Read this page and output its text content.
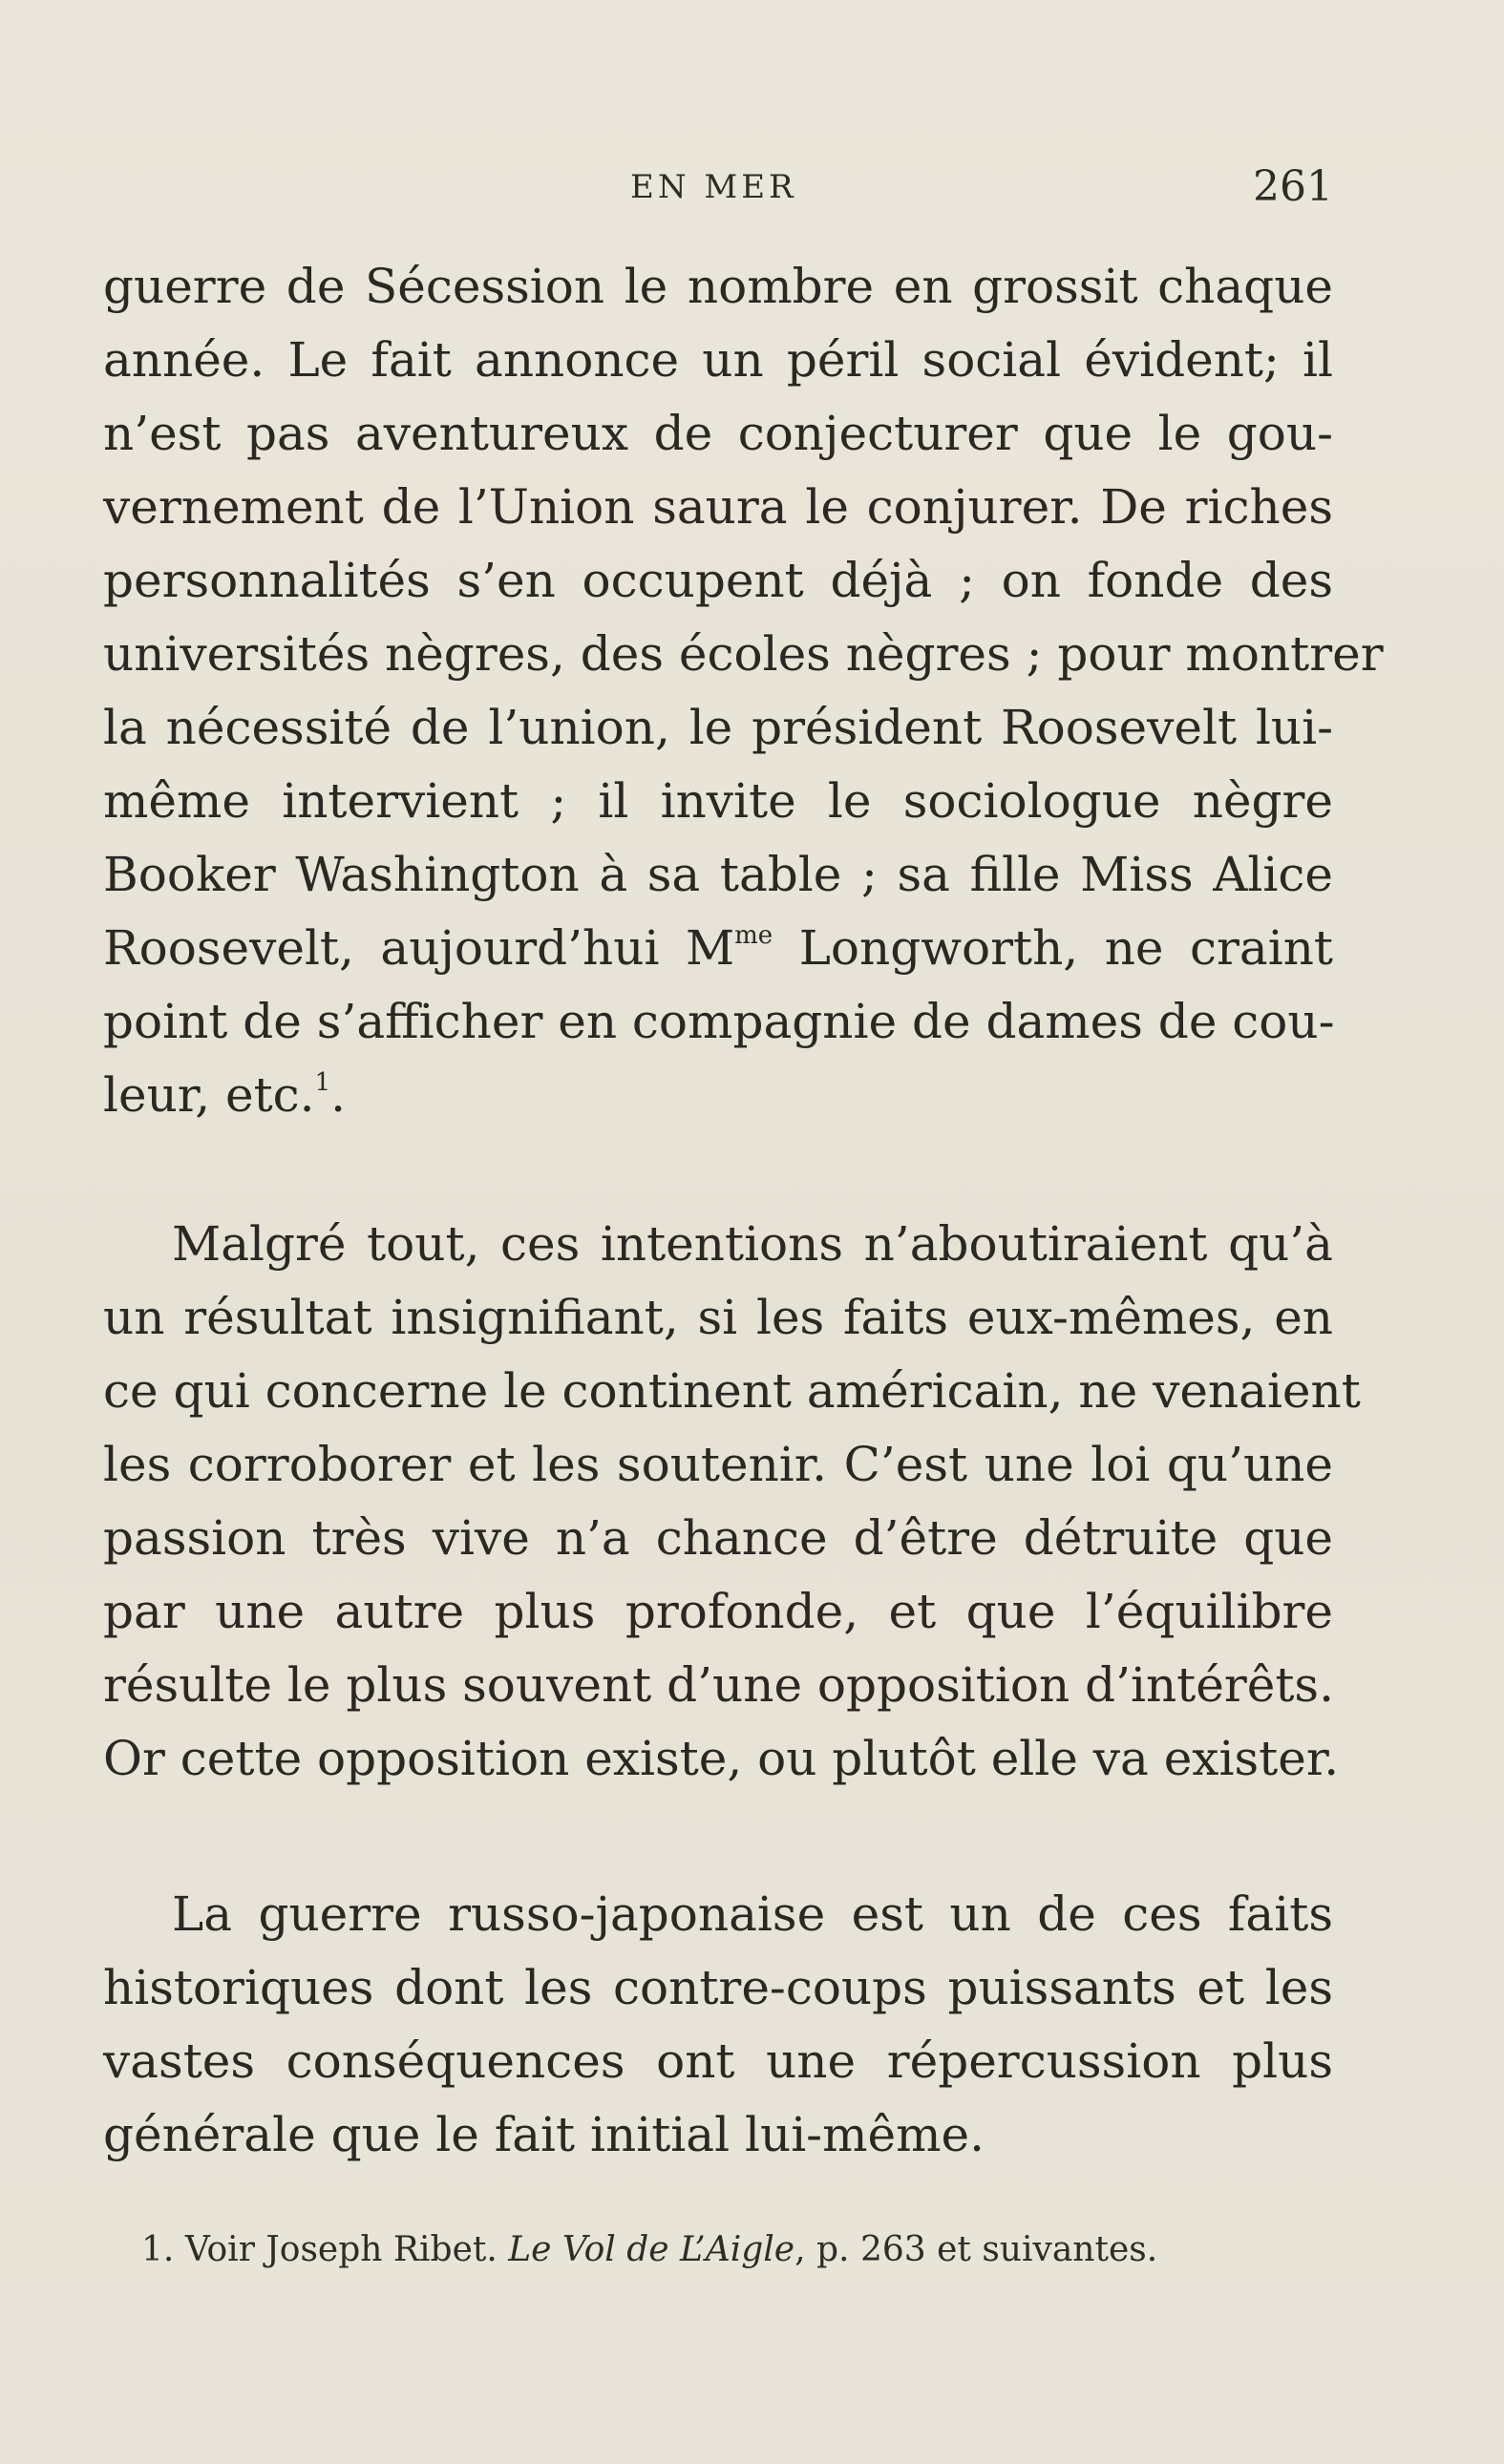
EN MER	261
guerre de Sécession le nombre en grossit chaque
année. Le fait annonce un péril social évident; il
n’est pas aventureux de conjecturer que le gou-
vernement de l’Union saura le conjurer. De riches
personnalités s’en occupent déjà ; on fonde des
universités nègres, des écoles nègres ; pour montrer
la nécessité de l’union, le président Roosevelt lui-
même intervient ; il invite le sociologue nègre
Booker Washington à sa table ; sa fille Miss Alice
Roosevelt, aujourd’hui $M^{me}$ Longworth, ne craint
point de s’afficher en compagnie de dames de cou-
leur, etc.$^1$.
Malgré tout, ces intentions n’aboutiraient qu’à
un résultat insignifiant, si les faits eux-mêmes, en
ce qui concerne le continent américain, ne venaient
les corroborer et les soutenir. C’est une loi qu’une
passion très vive n’a chance d’être détruite que
par une autre plus profonde, et que l’équilibre
résulte le plus souvent d’une opposition d’intérêts.
Or cette opposition existe, ou plutôt elle va exister.
La guerre russo-japonaise est un de ces faits
historiques dont les contre-coups puissants et les
vastes conséquences ont une répercussion plus
générale que le fait initial lui-même.
1. Voir Joseph Ribet. Le Vol de L’Aigle, p. 263 et suivantes.
